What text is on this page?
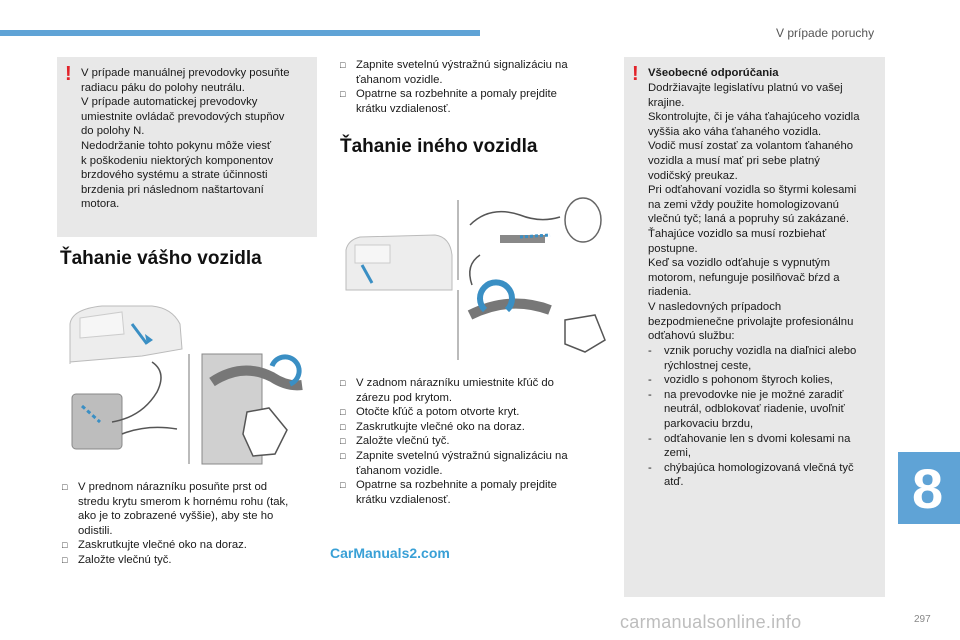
V prípade poruchy
! V prípade manuálnej prevodovky posuňte
radiacu páku do polohy neutrálu.
V prípade automatickej prevodovky
umiestnite ovládač prevodových stupňov
do polohy N.
Nedodržanie tohto pokynu môže viesť
k poškodeniu niektorých komponentov
brzdového systému a strate účinnosti
brzdenia pri následnom naštartovaní
motora.
Ťahanie vášho vozidla
□ V prednom nárazníku posuňte prst od
stredu krytu smerom k hornému rohu (tak,
ako je to zobrazené vyššie), aby ste ho
odistili.
□ Zaskrutkujte vlečné oko na doraz.
□ Založte vlečnú tyč.
□ Zapnite svetelnú výstražnú signalizáciu na
ťahanom vozidle.
□ Opatrne sa rozbehnite a pomaly prejdite
krátku vzdialenosť.
Ťahanie iného vozidla
□ V zadnom nárazníku umiestnite kľúč do
zárezu pod krytom.
□ Otočte kľúč a potom otvorte kryt.
□ Zaskrutkujte vlečné oko na doraz.
□ Založte vlečnú tyč.
□ Zapnite svetelnú výstražnú signalizáciu na
ťahanom vozidle.
□ Opatrne sa rozbehnite a pomaly prejdite
krátku vzdialenosť.
CarManuals2.com
! Všeobecné odporúčania
Dodržiavajte legislatívu platnú vo vašej
krajine.
Skontrolujte, či je váha ťahajúceho vozidla
vyššia ako váha ťahaného vozidla.
Vodič musí zostať za volantom ťahaného
vozidla a musí mať pri sebe platný
vodičský preukaz.
Pri odťahovaní vozidla so štyrmi kolesami
na zemi vždy použite homologizovanú
vlečnú tyč; laná a popruhy sú zakázané.
Ťahajúce vozidlo sa musí rozbiehať
postupne.
Keď sa vozidlo odťahuje s vypnutým
motorom, nefunguje posilňovač bŕzd a
riadenia.
V nasledovných prípadoch
bezpodmienečne privolajte profesionálnu
odťahovú službu:
- vznik poruchy vozidla na diaľnici alebo
rýchlostnej ceste,
- vozidlo s pohonom štyroch kolies,
- na prevodovke nie je možné zaradiť
neutrál, odblokovať riadenie, uvoľniť
parkovaciu brzdu,
- odťahovanie len s dvomi kolesami na
zemi,
- chýbajúca homologizovaná vlečná tyč
atď.	8
297
carmanualsonline.info
